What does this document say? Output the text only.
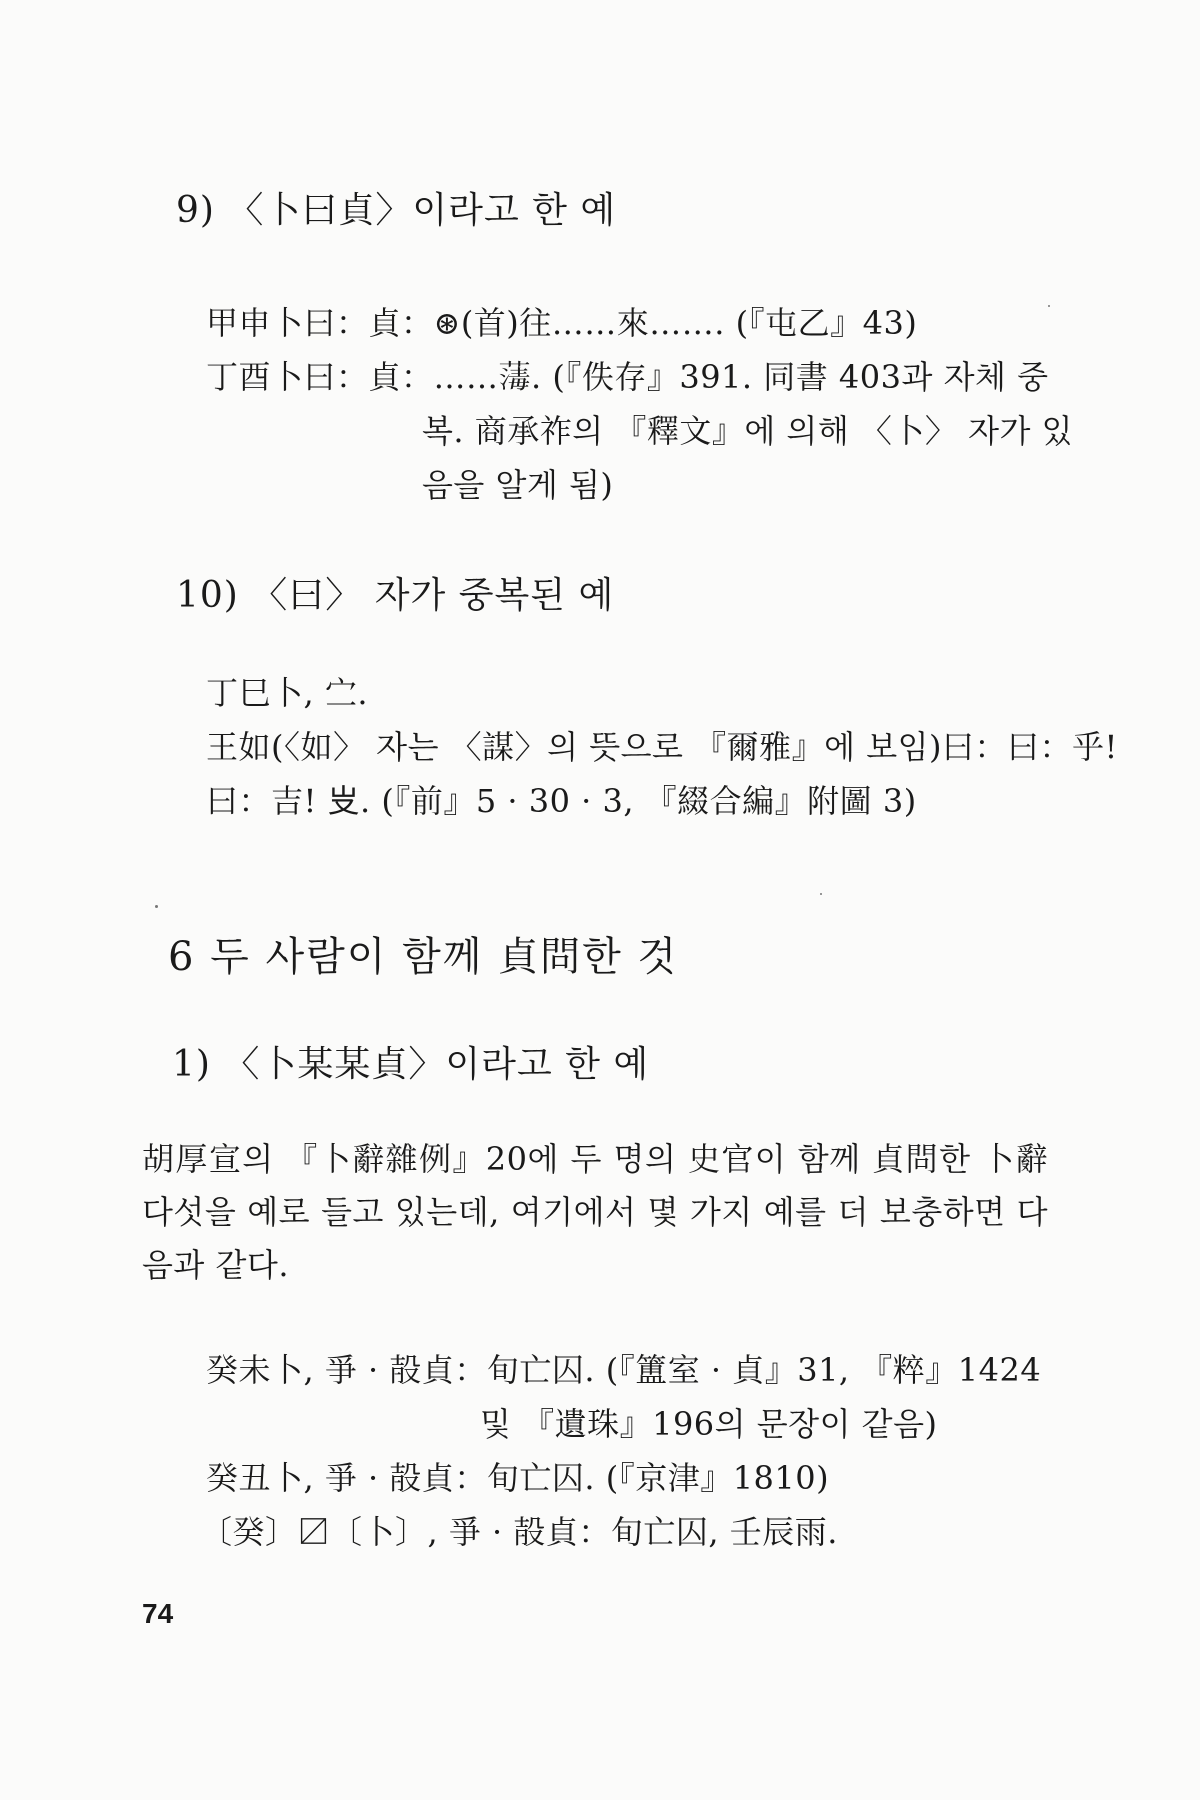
9) 〈卜曰貞〉이라고 한 예
甲申卜曰：貞：⊛(首)往……來……. (『屯乙』43)
丁酉卜曰：貞：……𦺇. (『佚存』391. 同書 403과 자체 중
복. 商承祚의 『釋文』에 의해 〈卜〉 자가 있
음을 알게 됨)
10) 〈曰〉 자가 중복된 예
丁巳卜, 㝉.
王如(〈如〉 자는 〈謀〉의 뜻으로 『爾雅』에 보임)曰：曰：乎!
曰：吉! 𠬢. (『前』5 · 30 · 3, 『綴合編』附圖 3)
6 두 사람이 함께 貞問한 것
1) 〈卜某某貞〉이라고 한 예
胡厚宣의 『卜辭雜例』20에 두 명의 史官이 함께 貞問한 卜辭 다섯을 예로 들고 있는데, 여기에서 몇 가지 예를 더 보충하면 다음과 같다.
癸未卜, 爭 · 㱿貞：旬亡囚. (『簠室 · 貞』31, 『粹』1424
및 『遺珠』196의 문장이 같음)
癸丑卜, 爭 · 㱿貞：旬亡囚. (『京津』1810)
〔癸〕〼〔卜〕, 爭 · 㱿貞：旬亡囚, 壬辰雨.
74
